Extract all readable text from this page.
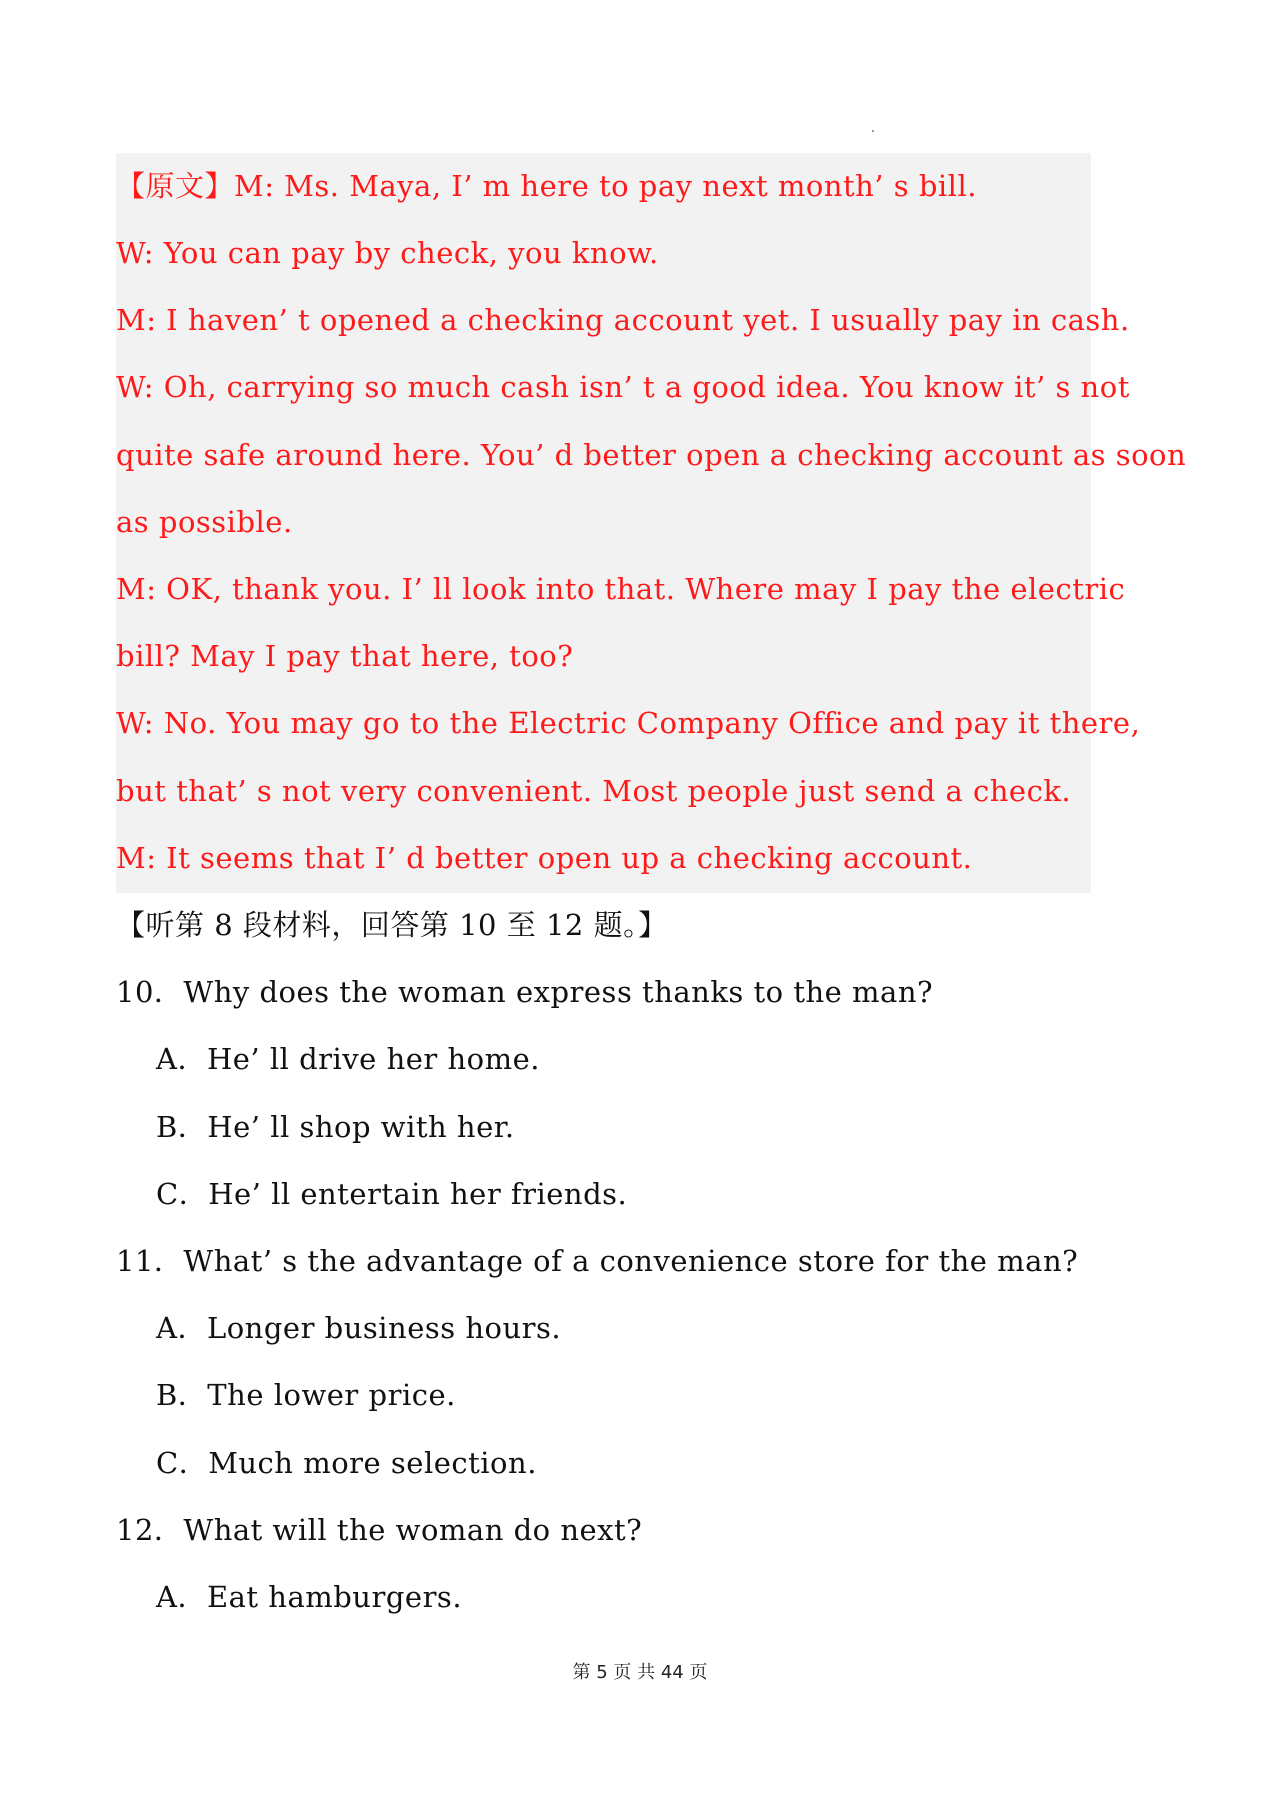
【原文】M: Ms. Maya, I’ m here to pay next month’ s bill.
W: You can pay by check, you know.
M: I haven’ t opened a checking account yet. I usually pay in cash.
W: Oh, carrying so much cash isn’ t a good idea. You know it’ s not
quite safe around here. You’ d better open a checking account as soon
as possible.
M: OK, thank you. I’ ll look into that. Where may I pay the electric
bill? May I pay that here, too?
W: No. You may go to the Electric Company Office and pay it there,
but that’ s not very convenient. Most people just send a check.
M: It seems that I’ d better open up a checking account.
【听第 8 段材料，回答第 10 至 12 题。】
10．Why does the woman express thanks to the man?
A．He’ ll drive her home.
B．He’ ll shop with her.
C．He’ ll entertain her friends.
11．What’ s the advantage of a convenience store for the man?
A．Longer business hours.
B．The lower price.
C．Much more selection.
12．What will the woman do next?
A．Eat hamburgers.
第 5 页 共 44 页
